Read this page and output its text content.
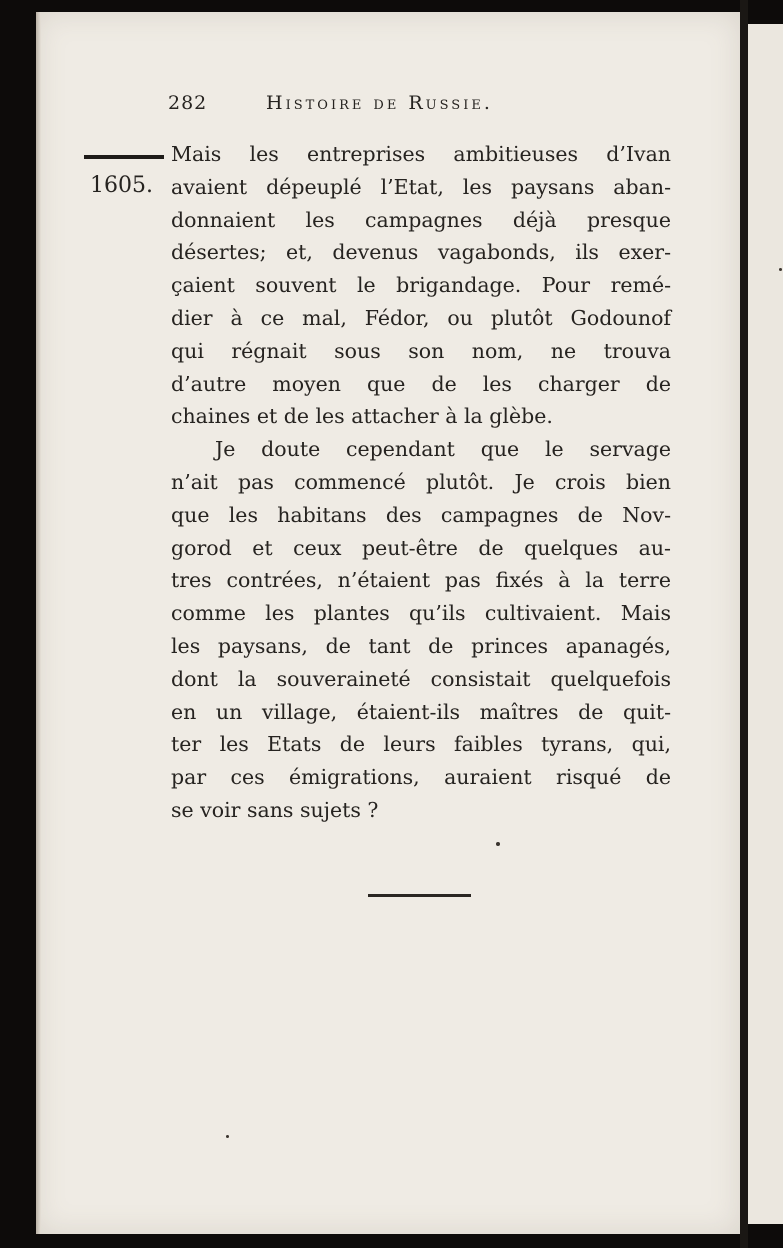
282	Histoire de Russie.
1605.
Mais les entreprises ambitieuses d’Ivan
avaient dépeuplé l’Etat, les paysans aban-
donnaient les campagnes déjà presque
désertes; et, devenus vagabonds, ils exer-
çaient souvent le brigandage. Pour remé-
dier à ce mal, Fédor, ou plutôt Godounof
qui régnait sous son nom, ne trouva
d’autre moyen que de les charger de
chaines et de les attacher à la glèbe.
Je doute cependant que le servage
n’ait pas commencé plutôt. Je crois bien
que les habitans des campagnes de Nov-
gorod et ceux peut-être de quelques au-
tres contrées, n’étaient pas fixés à la terre
comme les plantes qu’ils cultivaient. Mais
les paysans, de tant de princes apanagés,
dont la souveraineté consistait quelquefois
en un village, étaient-ils maîtres de quit-
ter les Etats de leurs faibles tyrans, qui,
par ces émigrations, auraient risqué de
se voir sans sujets ?
